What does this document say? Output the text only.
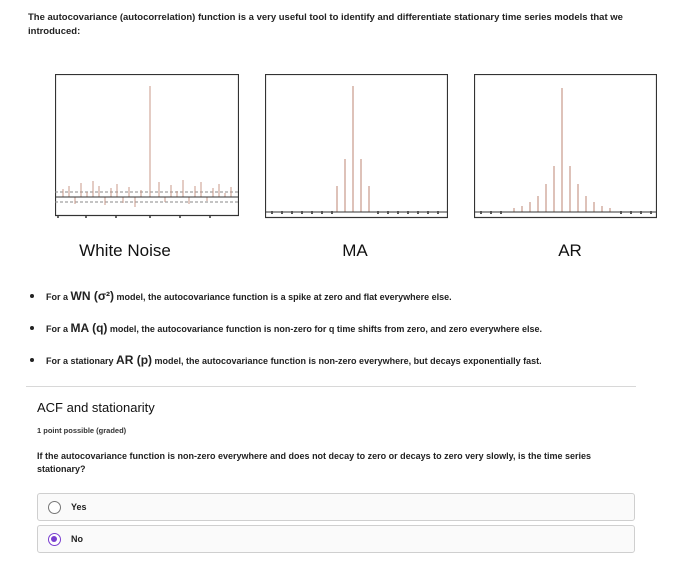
The autocovariance (autocorrelation) function is a very useful tool to identify and differentiate stationary time series models that we introduced:
White Noise	MA	AR
For a WN (σ²) model, the autocovariance function is a spike at zero and flat everywhere else.
For a MA (q) model, the autocovariance function is non-zero for q time shifts from zero, and zero everywhere else.
For a stationary AR (p) model, the autocovariance function is non-zero everywhere, but decays exponentially fast.
ACF and stationarity
1 point possible (graded)
If the autocovariance function is non-zero everywhere and does not decay to zero or decays to zero very slowly, is the time series stationary?
Yes
No
